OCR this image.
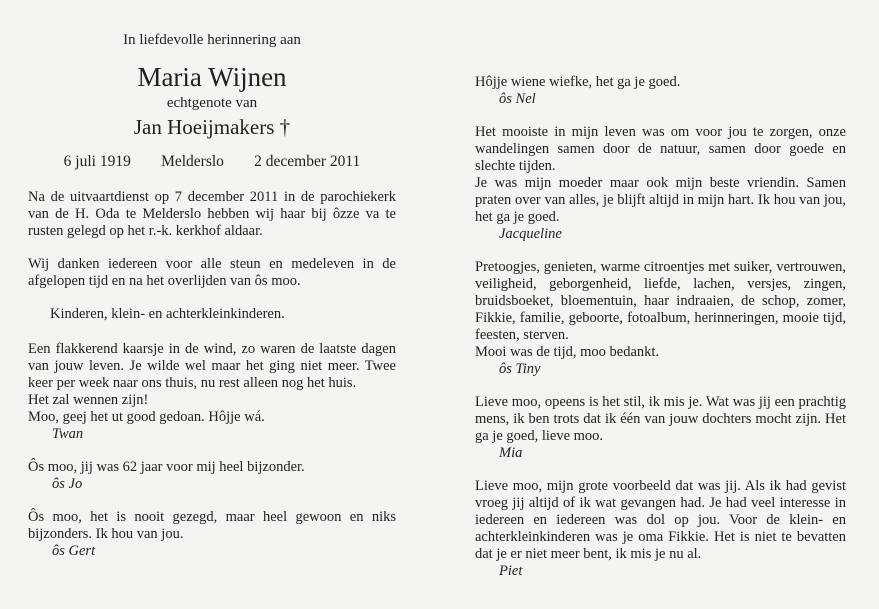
In liefdevolle herinnering aan
Maria Wijnen
echtgenote van
Jan Hoeijmakers †
6 juli 1919 Melderslo 2 december 2011
Na de uitvaartdienst op 7 december 2011 in de parochiekerk van de H. Oda te Melderslo hebben wij haar bij ôzze va te rusten gelegd op het r.-k. kerkhof aldaar.
Wij danken iedereen voor alle steun en medeleven in de afgelopen tijd en na het overlijden van ôs moo.
Kinderen, klein- en achterkleinkinderen.
Een flakkerend kaarsje in de wind, zo waren de laatste dagen van jouw leven. Je wilde wel maar het ging niet meer. Twee keer per week naar ons thuis, nu rest alleen nog het huis.
Het zal wennen zijn!
Moo, geej het ut good gedoan. Hôjje wá.
Twan
Ôs moo, jij was 62 jaar voor mij heel bijzonder.
ôs Jo
Ôs moo, het is nooit gezegd, maar heel gewoon en niks bijzonders. Ik hou van jou.
ôs Gert
Hôjje wiene wiefke, het ga je goed.
ôs Nel
Het mooiste in mijn leven was om voor jou te zorgen, onze wandelingen samen door de natuur, samen door goede en slechte tijden.
Je was mijn moeder maar ook mijn beste vriendin. Samen praten over van alles, je blijft altijd in mijn hart. Ik hou van jou, het ga je goed.
Jacqueline
Pretoogjes, genieten, warme citroentjes met suiker, vertrouwen, veiligheid, geborgenheid, liefde, lachen, versjes, zingen, bruidsboeket, bloementuin, haar indraaien, de schop, zomer, Fikkie, familie, geboorte, fotoalbum, herinneringen, mooie tijd, feesten, sterven.
Mooi was de tijd, moo bedankt.
ôs Tiny
Lieve moo, opeens is het stil, ik mis je. Wat was jij een prachtig mens, ik ben trots dat ik één van jouw dochters mocht zijn. Het ga je goed, lieve moo.
Mia
Lieve moo, mijn grote voorbeeld dat was jij. Als ik had gevist vroeg jij altijd of ik wat gevangen had. Je had veel interesse in iedereen en iedereen was dol op jou. Voor de klein- en achterkleinkinderen was je oma Fikkie. Het is niet te bevatten dat je er niet meer bent, ik mis je nu al.
Piet
